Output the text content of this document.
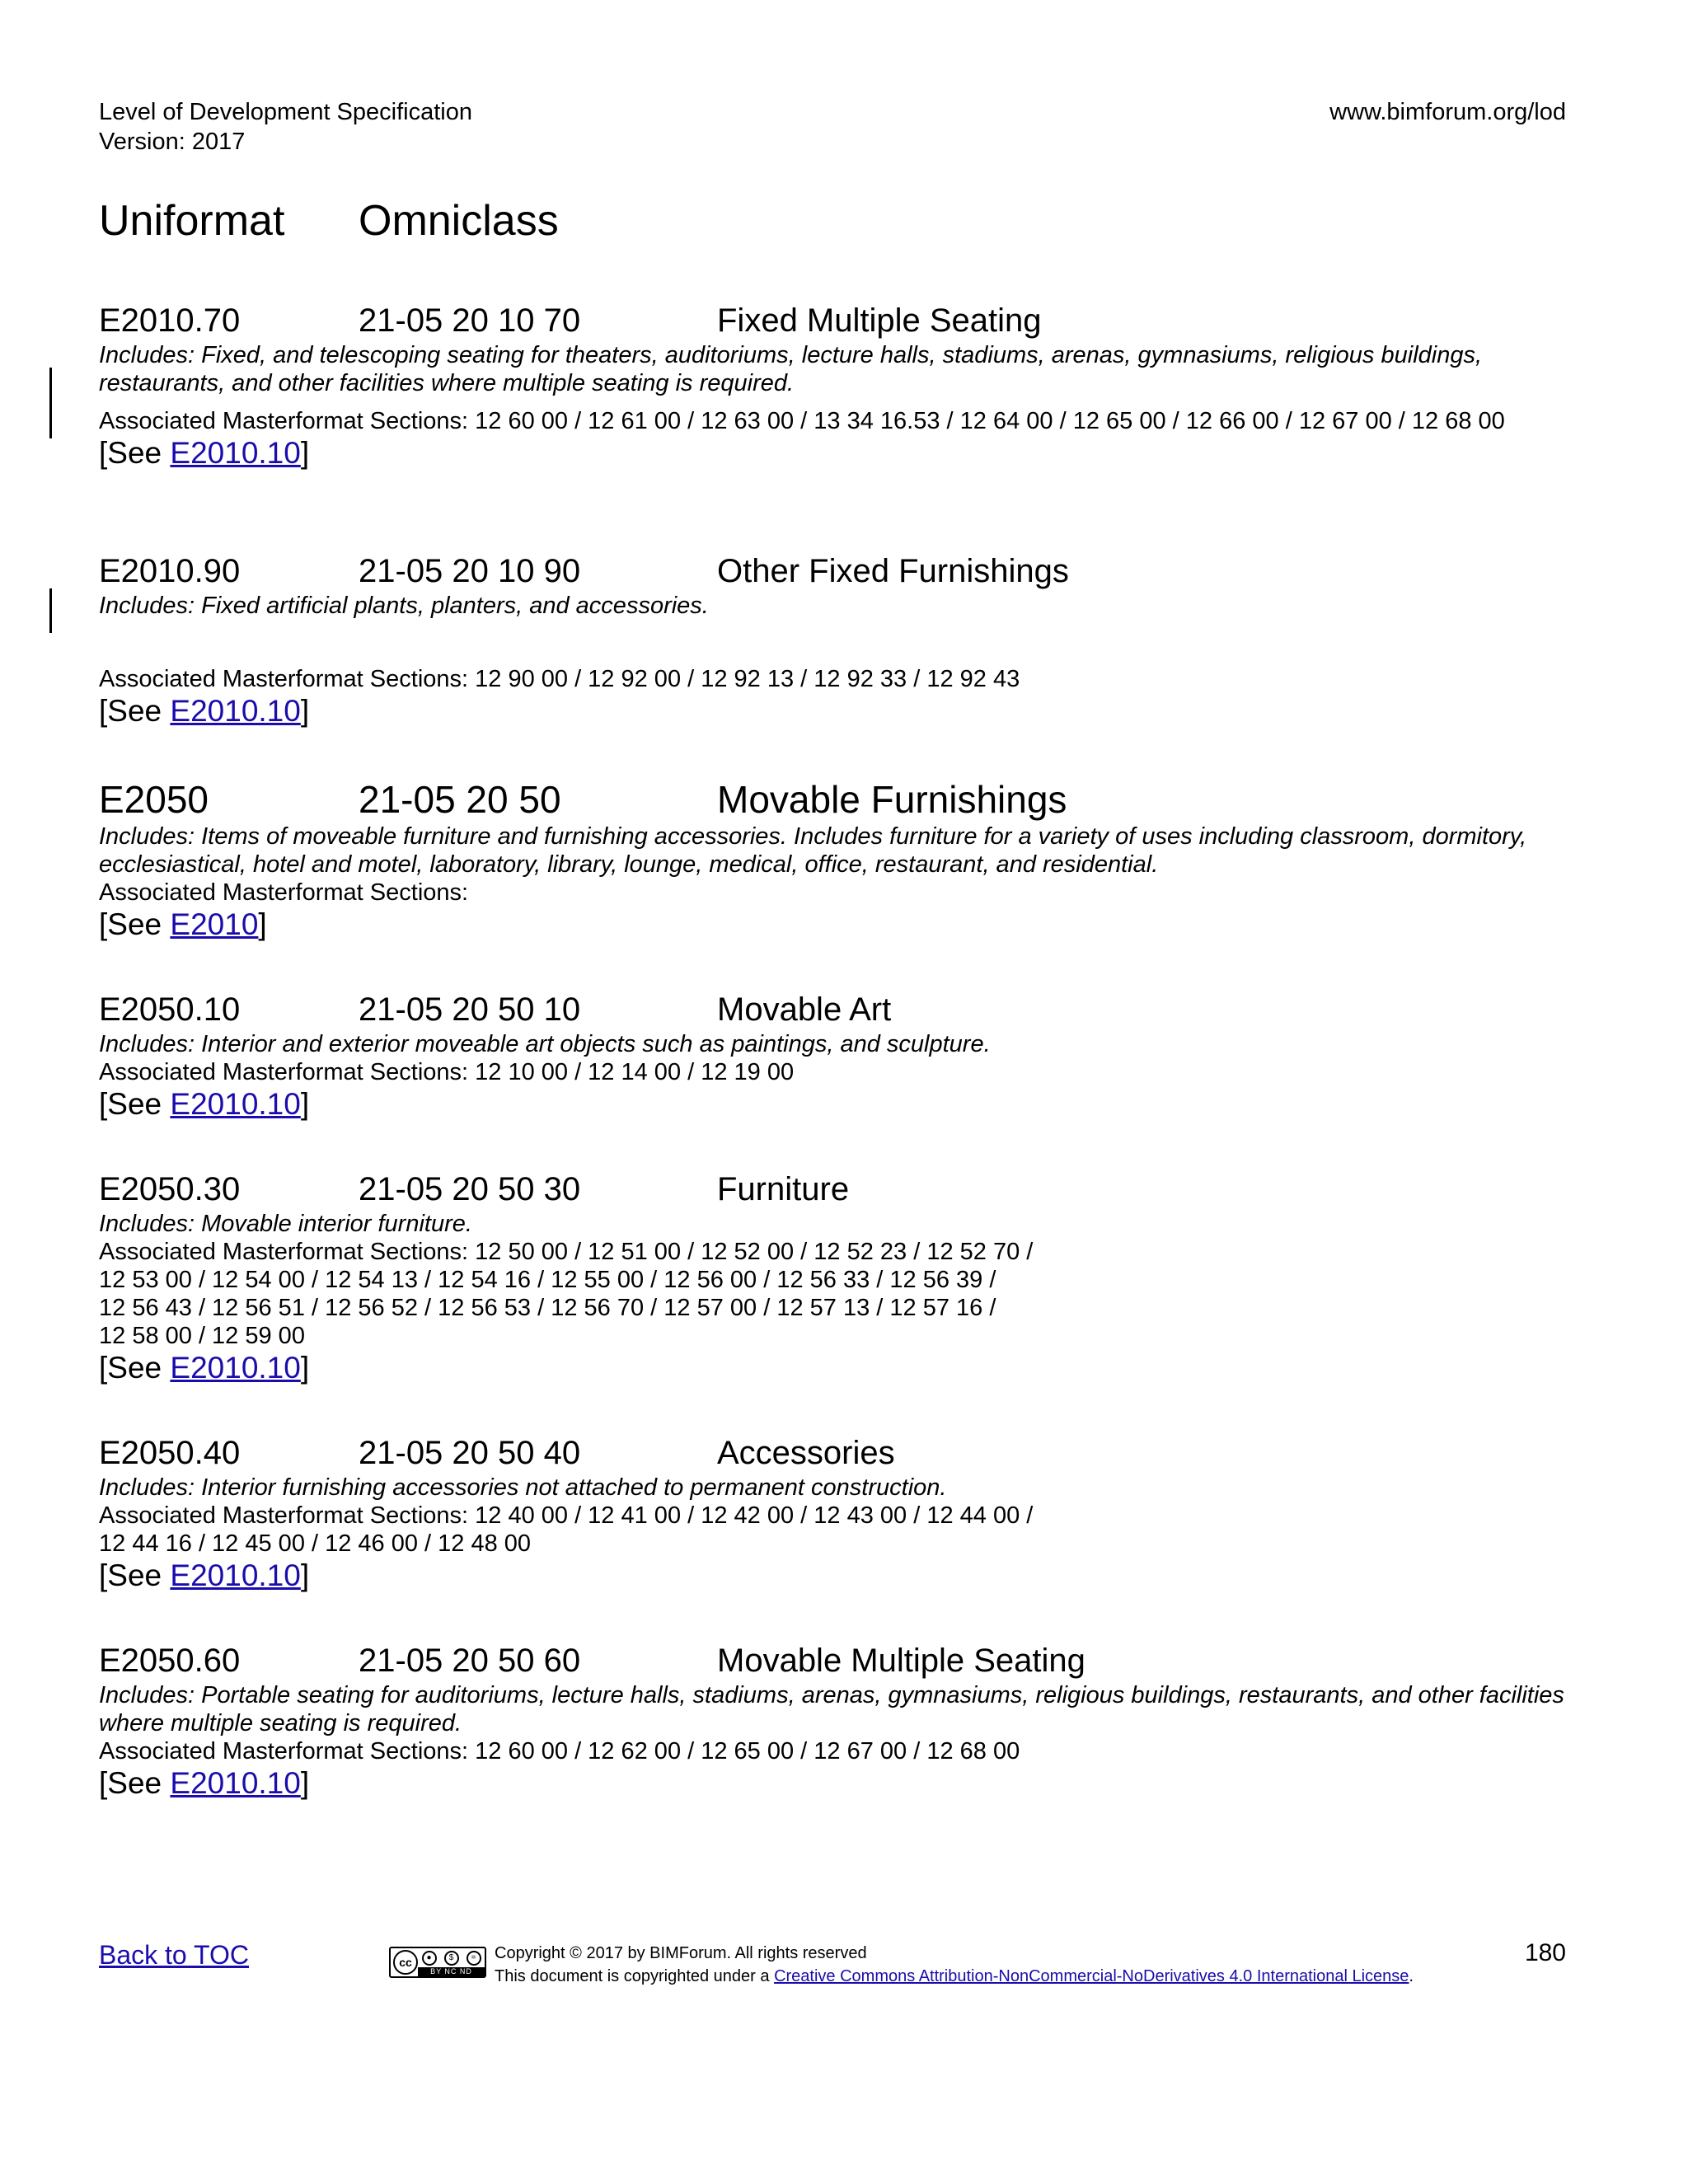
Level of Development Specification
Version: 2017
www.bimforum.org/lod
Uniformat Omniclass
E2010.70	21-05 20 10 70	Fixed Multiple Seating
Includes: Fixed, and telescoping seating for theaters, auditoriums, lecture halls, stadiums, arenas, gymnasiums, religious buildings, restaurants, and other facilities where multiple seating is required.
Associated Masterformat Sections: 12 60 00 / 12 61 00 / 12 63 00 / 13 34 16.53 / 12 64 00 / 12 65 00 / 12 66 00 / 12 67 00 / 12 68 00
[See E2010.10]
E2010.90	21-05 20 10 90	Other Fixed Furnishings
Includes: Fixed artificial plants, planters, and accessories.
Associated Masterformat Sections: 12 90 00 / 12 92 00 / 12 92 13 / 12 92 33 / 12 92 43
[See E2010.10]
E2050	21-05 20 50	Movable Furnishings
Includes: Items of moveable furniture and furnishing accessories. Includes furniture for a variety of uses including classroom, dormitory, ecclesiastical, hotel and motel, laboratory, library, lounge, medical, office, restaurant, and residential.
Associated Masterformat Sections:
[See E2010]
E2050.10	21-05 20 50 10	Movable Art
Includes: Interior and exterior moveable art objects such as paintings, and sculpture.
Associated Masterformat Sections: 12 10 00 / 12 14 00 / 12 19 00
[See E2010.10]
E2050.30	21-05 20 50 30	Furniture
Includes: Movable interior furniture.
Associated Masterformat Sections: 12 50 00 / 12 51 00 / 12 52 00 / 12 52 23 / 12 52 70 /
12 53 00 / 12 54 00 / 12 54 13 / 12 54 16 / 12 55 00 / 12 56 00 / 12 56 33 / 12 56 39 /
12 56 43 / 12 56 51 / 12 56 52 / 12 56 53 / 12 56 70 / 12 57 00 / 12 57 13 / 12 57 16 /
12 58 00 / 12 59 00
[See E2010.10]
E2050.40	21-05 20 50 40	Accessories
Includes: Interior furnishing accessories not attached to permanent construction.
Associated Masterformat Sections: 12 40 00 / 12 41 00 / 12 42 00 / 12 43 00 / 12 44 00 /
12 44 16 / 12 45 00 / 12 46 00 / 12 48 00
[See E2010.10]
E2050.60	21-05 20 50 60	Movable Multiple Seating
Includes: Portable seating for auditoriums, lecture halls, stadiums, arenas, gymnasiums, religious buildings, restaurants, and other facilities where multiple seating is required.
Associated Masterformat Sections: 12 60 00 / 12 62 00 / 12 65 00 / 12 67 00 / 12 68 00
[See E2010.10]
Back to TOC	cc	●	$	=
BY NC ND
Copyright © 2017 by BIMForum. All rights reserved
This document is copyrighted under a Creative Commons Attribution-NonCommercial-NoDerivatives 4.0 International License.
180
